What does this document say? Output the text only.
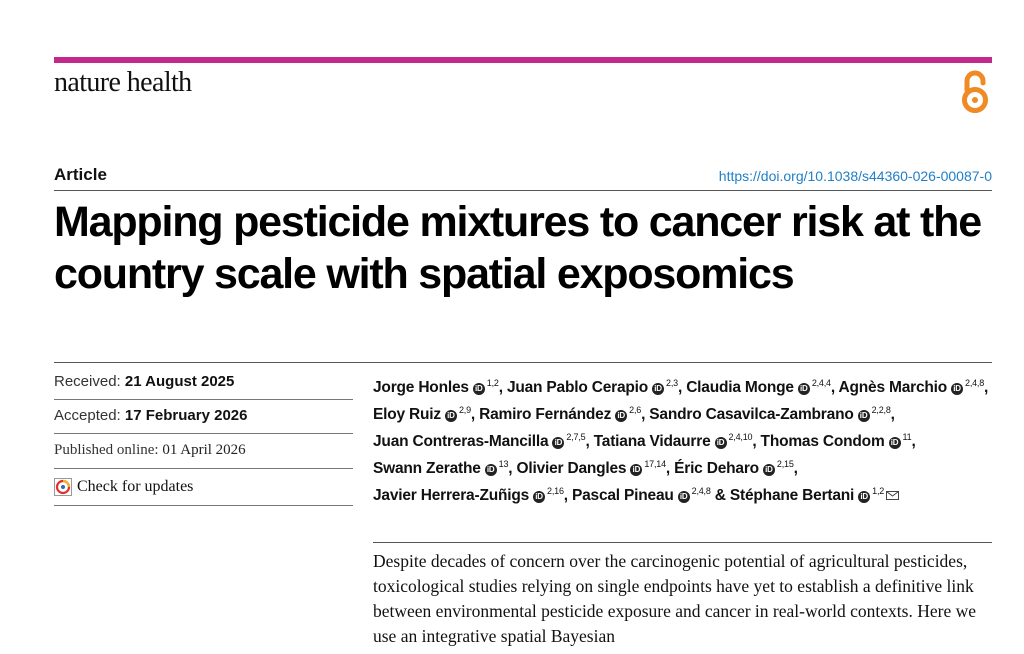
nature health
Article	https://doi.org/10.1038/s44360-026-00087-0
Mapping pesticide mixtures to cancer risk at the country scale with spatial exposomics
Received: 21 August 2025
Accepted: 17 February 2026
Published online: 01 April 2026
Check for updates

Jorge Honles iD$^{1,2}$, Juan Pablo Cerapio iD$^{2,3}$, Claudia Monge iD$^{2,4,4}$, Agnès Marchio iD$^{2,4,8}$, Eloy Ruiz iD$^{2,9}$, Ramiro Fernández iD$^{2,6}$, Sandro Casavilca-Zambrano iD$^{2,2,8}$, Juan Contreras-Mancilla iD$^{2,7,5}$, Tatiana Vidaurre iD$^{2,4,10}$, Thomas Condom iD$^{11}$, Swann Zerathe iD$^{13}$, Olivier Dangles iD$^{17,14}$, Éric Deharo iD$^{2,15}$, Javier Herrera-Zuñigs iD$^{2,16}$, Pascal Pineau iD$^{2,4,8}$ & Stéphane Bertani iD$^{1,2}$

Despite decades of concern over the carcinogenic potential of agricultural pesticides, toxicological studies relying on single endpoints have yet to establish a definitive link between environmental pesticide exposure and cancer in real-world contexts. Here we use an integrative spatial Bayesian
